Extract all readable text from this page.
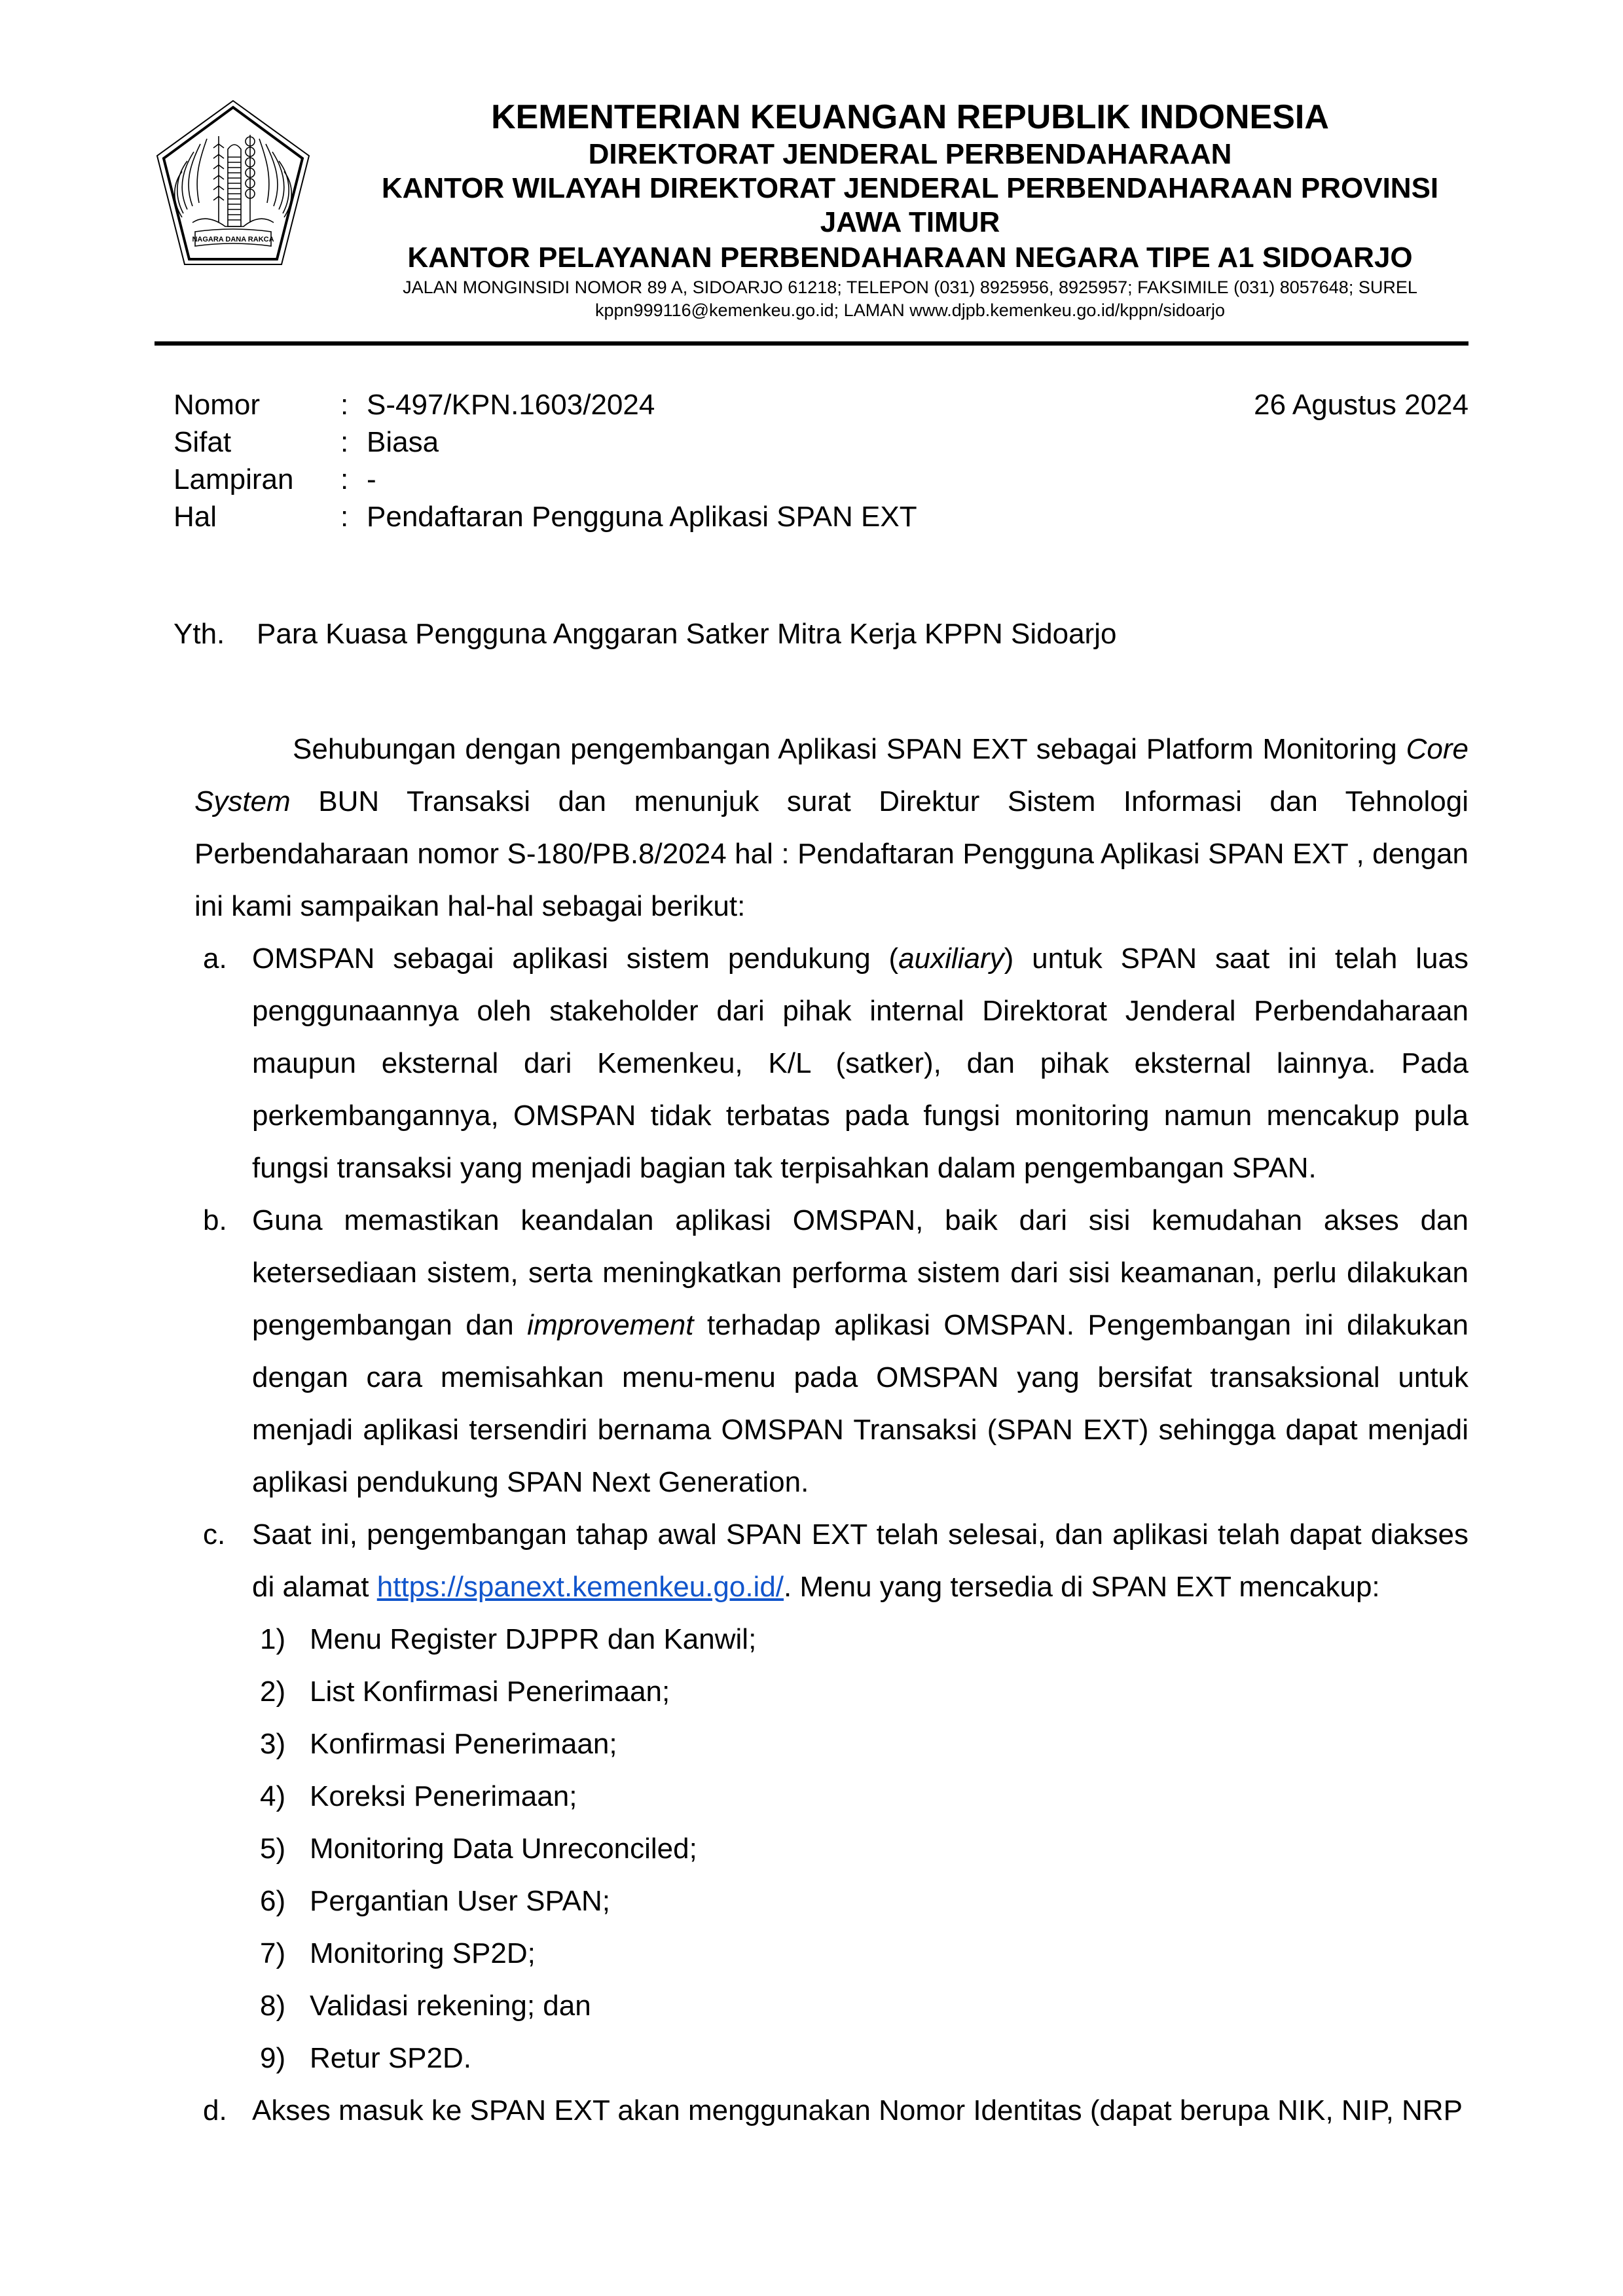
NAGARA DANA RAKCA
KEMENTERIAN KEUANGAN REPUBLIK INDONESIA
DIREKTORAT JENDERAL PERBENDAHARAAN
KANTOR WILAYAH DIREKTORAT JENDERAL PERBENDAHARAAN PROVINSI
JAWA TIMUR
KANTOR PELAYANAN PERBENDAHARAAN NEGARA TIPE A1 SIDOARJO
JALAN MONGINSIDI NOMOR 89 A, SIDOARJO 61218; TELEPON (031) 8925956, 8925957; FAKSIMILE (031) 8057648; SUREL
kppn999116@kemenkeu.go.id; LAMAN www.djpb.kemenkeu.go.id/kppn/sidoarjo
Nomor	: S-497/KPN.1603/2024
Sifat	: Biasa
Lampiran	: -
Hal	: Pendaftaran Pengguna Aplikasi SPAN EXT
26 Agustus 2024
Yth.	Para Kuasa Pengguna Anggaran Satker Mitra Kerja KPPN Sidoarjo

Sehubungan dengan pengembangan Aplikasi SPAN EXT sebagai Platform Monitoring Core System BUN Transaksi dan menunjuk surat Direktur Sistem Informasi dan Tehnologi Perbendaharaan nomor S-180/PB.8/2024 hal : Pendaftaran Pengguna Aplikasi SPAN EXT , dengan ini kami sampaikan hal-hal sebagai berikut:

a. OMSPAN sebagai aplikasi sistem pendukung (auxiliary) untuk SPAN saat ini telah luas penggunaannya oleh stakeholder dari pihak internal Direktorat Jenderal Perbendaharaan maupun eksternal dari Kemenkeu, K/L (satker), dan pihak eksternal lainnya. Pada perkembangannya, OMSPAN tidak terbatas pada fungsi monitoring namun mencakup pula fungsi transaksi yang menjadi bagian tak terpisahkan dalam pengembangan SPAN.
b. Guna memastikan keandalan aplikasi OMSPAN, baik dari sisi kemudahan akses dan ketersediaan sistem, serta meningkatkan performa sistem dari sisi keamanan, perlu dilakukan pengembangan dan improvement terhadap aplikasi OMSPAN. Pengembangan ini dilakukan dengan cara memisahkan menu-menu pada OMSPAN yang bersifat transaksional untuk menjadi aplikasi tersendiri bernama OMSPAN Transaksi (SPAN EXT) sehingga dapat menjadi aplikasi pendukung SPAN Next Generation.
c. Saat ini, pengembangan tahap awal SPAN EXT telah selesai, dan aplikasi telah dapat diakses di alamat https://spanext.kemenkeu.go.id/. Menu yang tersedia di SPAN EXT mencakup:
1) Menu Register DJPPR dan Kanwil;
2) List Konfirmasi Penerimaan;
3) Konfirmasi Penerimaan;
4) Koreksi Penerimaan;
5) Monitoring Data Unreconciled;
6) Pergantian User SPAN;
7) Monitoring SP2D;
8) Validasi rekening; dan
9) Retur SP2D.
d. Akses masuk ke SPAN EXT akan menggunakan Nomor Identitas (dapat berupa NIK, NIP, NRP
